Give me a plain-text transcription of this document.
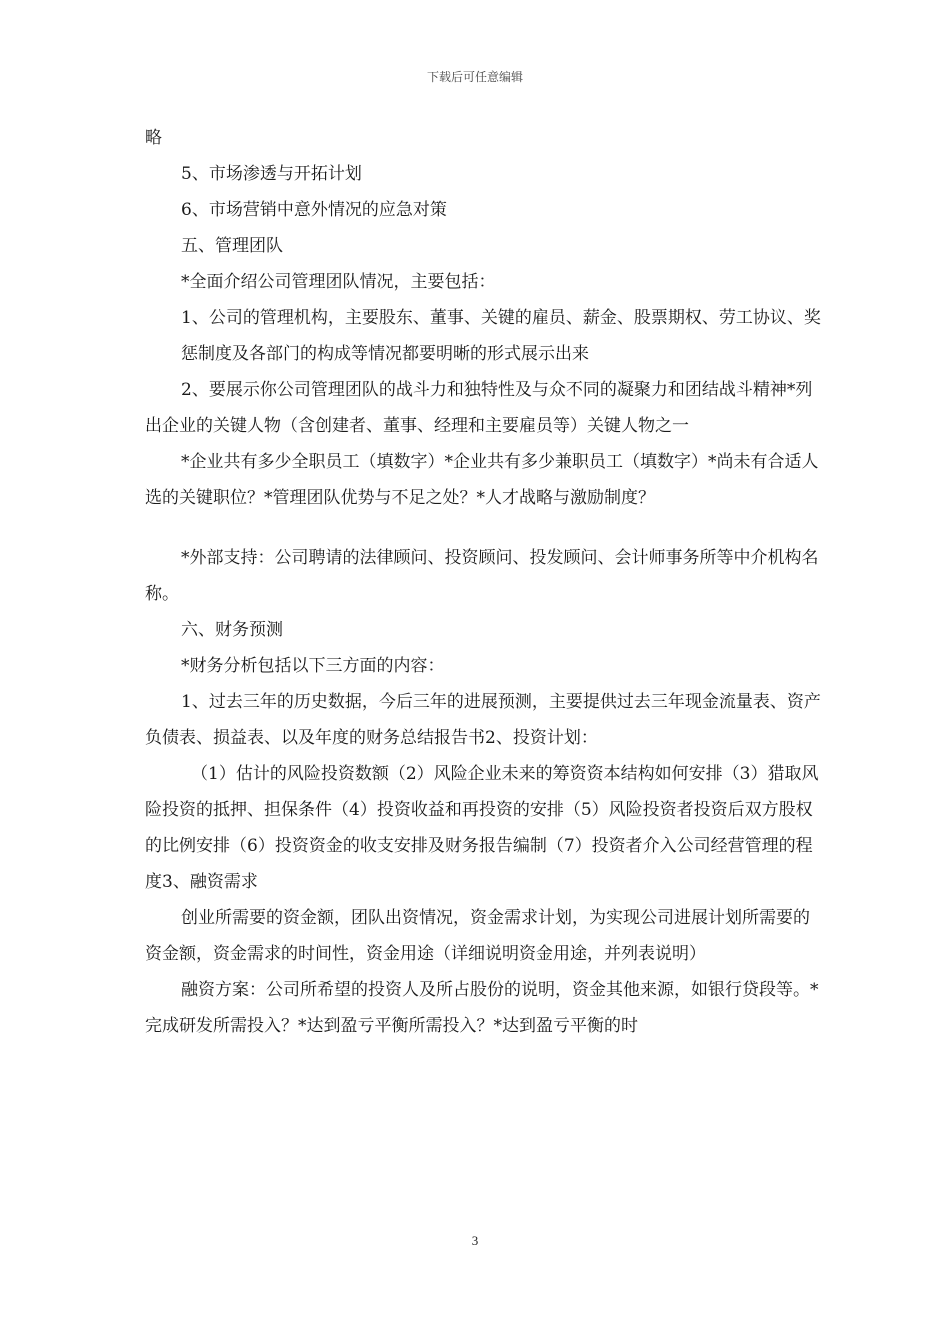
下载后可任意编辑

略

5、市场渗透与开拓计划

6、市场营销中意外情况的应急对策

五、管理团队

*全面介绍公司管理团队情况，主要包括：

1、公司的管理机构，主要股东、董事、关键的雇员、薪金、股票期权、劳工协议、奖

惩制度及各部门的构成等情况都要明晰的形式展示出来

2、要展示你公司管理团队的战斗力和独特性及与众不同的凝聚力和团结战斗精神*列出企业的关键人物（含创建者、董事、经理和主要雇员等）关键人物之一

*企业共有多少全职员工（填数字）*企业共有多少兼职员工（填数字）*尚未有合适人选的关键职位？*管理团队优势与不足之处？*人才战略与激励制度？

*外部支持：公司聘请的法律顾问、投资顾问、投发顾问、会计师事务所等中介机构名称。

六、财务预测

*财务分析包括以下三方面的内容：

1、过去三年的历史数据，今后三年的进展预测，主要提供过去三年现金流量表、资产负债表、损益表、以及年度的财务总结报告书2、投资计划：

（1）估计的风险投资数额（2）风险企业未来的筹资资本结构如何安排（3）猎取风险投资的抵押、担保条件（4）投资收益和再投资的安排（5）风险投资者投资后双方股权的比例安排（6）投资资金的收支安排及财务报告编制（7）投资者介入公司经营管理的程度3、融资需求

创业所需要的资金额，团队出资情况，资金需求计划，为实现公司进展计划所需要的资金额，资金需求的时间性，资金用途（详细说明资金用途，并列表说明）

融资方案：公司所希望的投资人及所占股份的说明，资金其他来源，如银行贷段等。*完成研发所需投入？*达到盈亏平衡所需投入？*达到盈亏平衡的时

3
